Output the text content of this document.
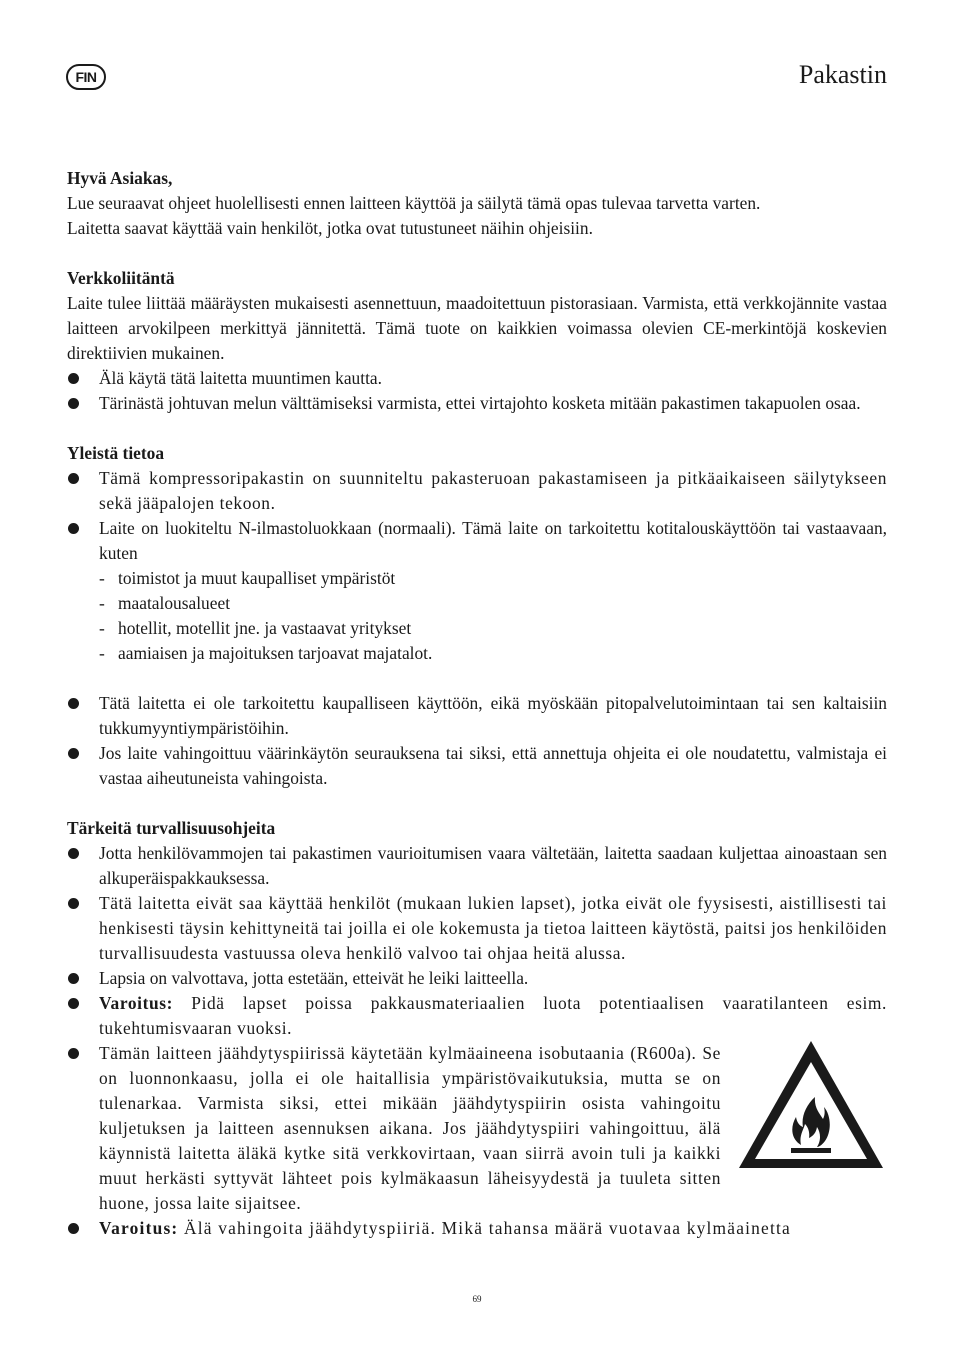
FIN	Pakastin
Hyvä Asiakas,
Lue seuraavat ohjeet huolellisesti ennen laitteen käyttöä ja säilytä tämä opas tulevaa tarvetta varten.
Laitetta saavat käyttää vain henkilöt, jotka ovat tutustuneet näihin ohjeisiin.
Verkkoliitäntä
Laite tulee liittää määräysten mukaisesti asennettuun, maadoitettuun pistorasiaan. Varmista, että verkkojännite vastaa laitteen arvokilpeen merkittyä jännitettä. Tämä tuote on kaikkien voimassa olevien CE-merkintöjä koskevien direktiivien mukainen.
Älä käytä tätä laitetta muuntimen kautta.
Tärinästä johtuvan melun välttämiseksi varmista, ettei virtajohto kosketa mitään pakastimen takapuolen osaa.
Yleistä tietoa
Tämä kompressoripakastin on suunniteltu pakasteruoan pakastamiseen ja pitkäaikaiseen säilytykseen sekä jääpalojen tekoon.
Laite on luokiteltu N-ilmastoluokkaan (normaali). Tämä laite on tarkoitettu kotitalouskäyttöön tai vastaavaan, kuten
- toimistot ja muut kaupalliset ympäristöt
- maatalousalueet
- hotellit, motellit jne. ja vastaavat yritykset
- aamiaisen ja majoituksen tarjoavat majatalot.
Tätä laitetta ei ole tarkoitettu kaupalliseen käyttöön, eikä myöskään pitopalvelutoimintaan tai sen kaltaisiin tukkumyyntiympäristöihin.
Jos laite vahingoittuu väärinkäytön seurauksena tai siksi, että annettuja ohjeita ei ole noudatettu, valmistaja ei vastaa aiheutuneista vahingoista.
Tärkeitä turvallisuusohjeita
Jotta henkilövammojen tai pakastimen vaurioitumisen vaara vältetään, laitetta saadaan kuljettaa ainoastaan sen alkuperäispakkauksessa.
Tätä laitetta eivät saa käyttää henkilöt (mukaan lukien lapset), jotka eivät ole fyysisesti, aistillisesti tai henkisesti täysin kehittyneitä tai joilla ei ole kokemusta ja tietoa laitteen käytöstä, paitsi jos henkilöiden turvallisuudesta vastuussa oleva henkilö valvoo tai ohjaa heitä alussa.
Lapsia on valvottava, jotta estetään, etteivät he leiki laitteella.
Varoitus: Pidä lapset poissa pakkausmateriaalien luota potentiaalisen vaaratilanteen esim. tukehtumisvaaran vuoksi.
Tämän laitteen jäähdytyspiirissä käytetään kylmäaineena isobutaania (R600a). Se on luonnonkaasu, jolla ei ole haitallisia ympäristövaikutuksia, mutta se on tulenarkaa. Varmista siksi, ettei mikään jäähdytyspiirin osista vahingoitu kuljetuksen ja laitteen asennuksen aikana. Jos jäähdytyspiiri vahingoittuu, älä käynnistä laitetta äläkä kytke sitä verkkovirtaan, vaan siirrä avoin tuli ja kaikki muut herkästi syttyvät lähteet pois kylmäkaasun läheisyydestä ja tuuleta sitten huone, jossa laite sijaitsee.
Varoitus: Älä vahingoita jäähdytyspiiriä. Mikä tahansa määrä vuotavaa kylmäainetta
69
